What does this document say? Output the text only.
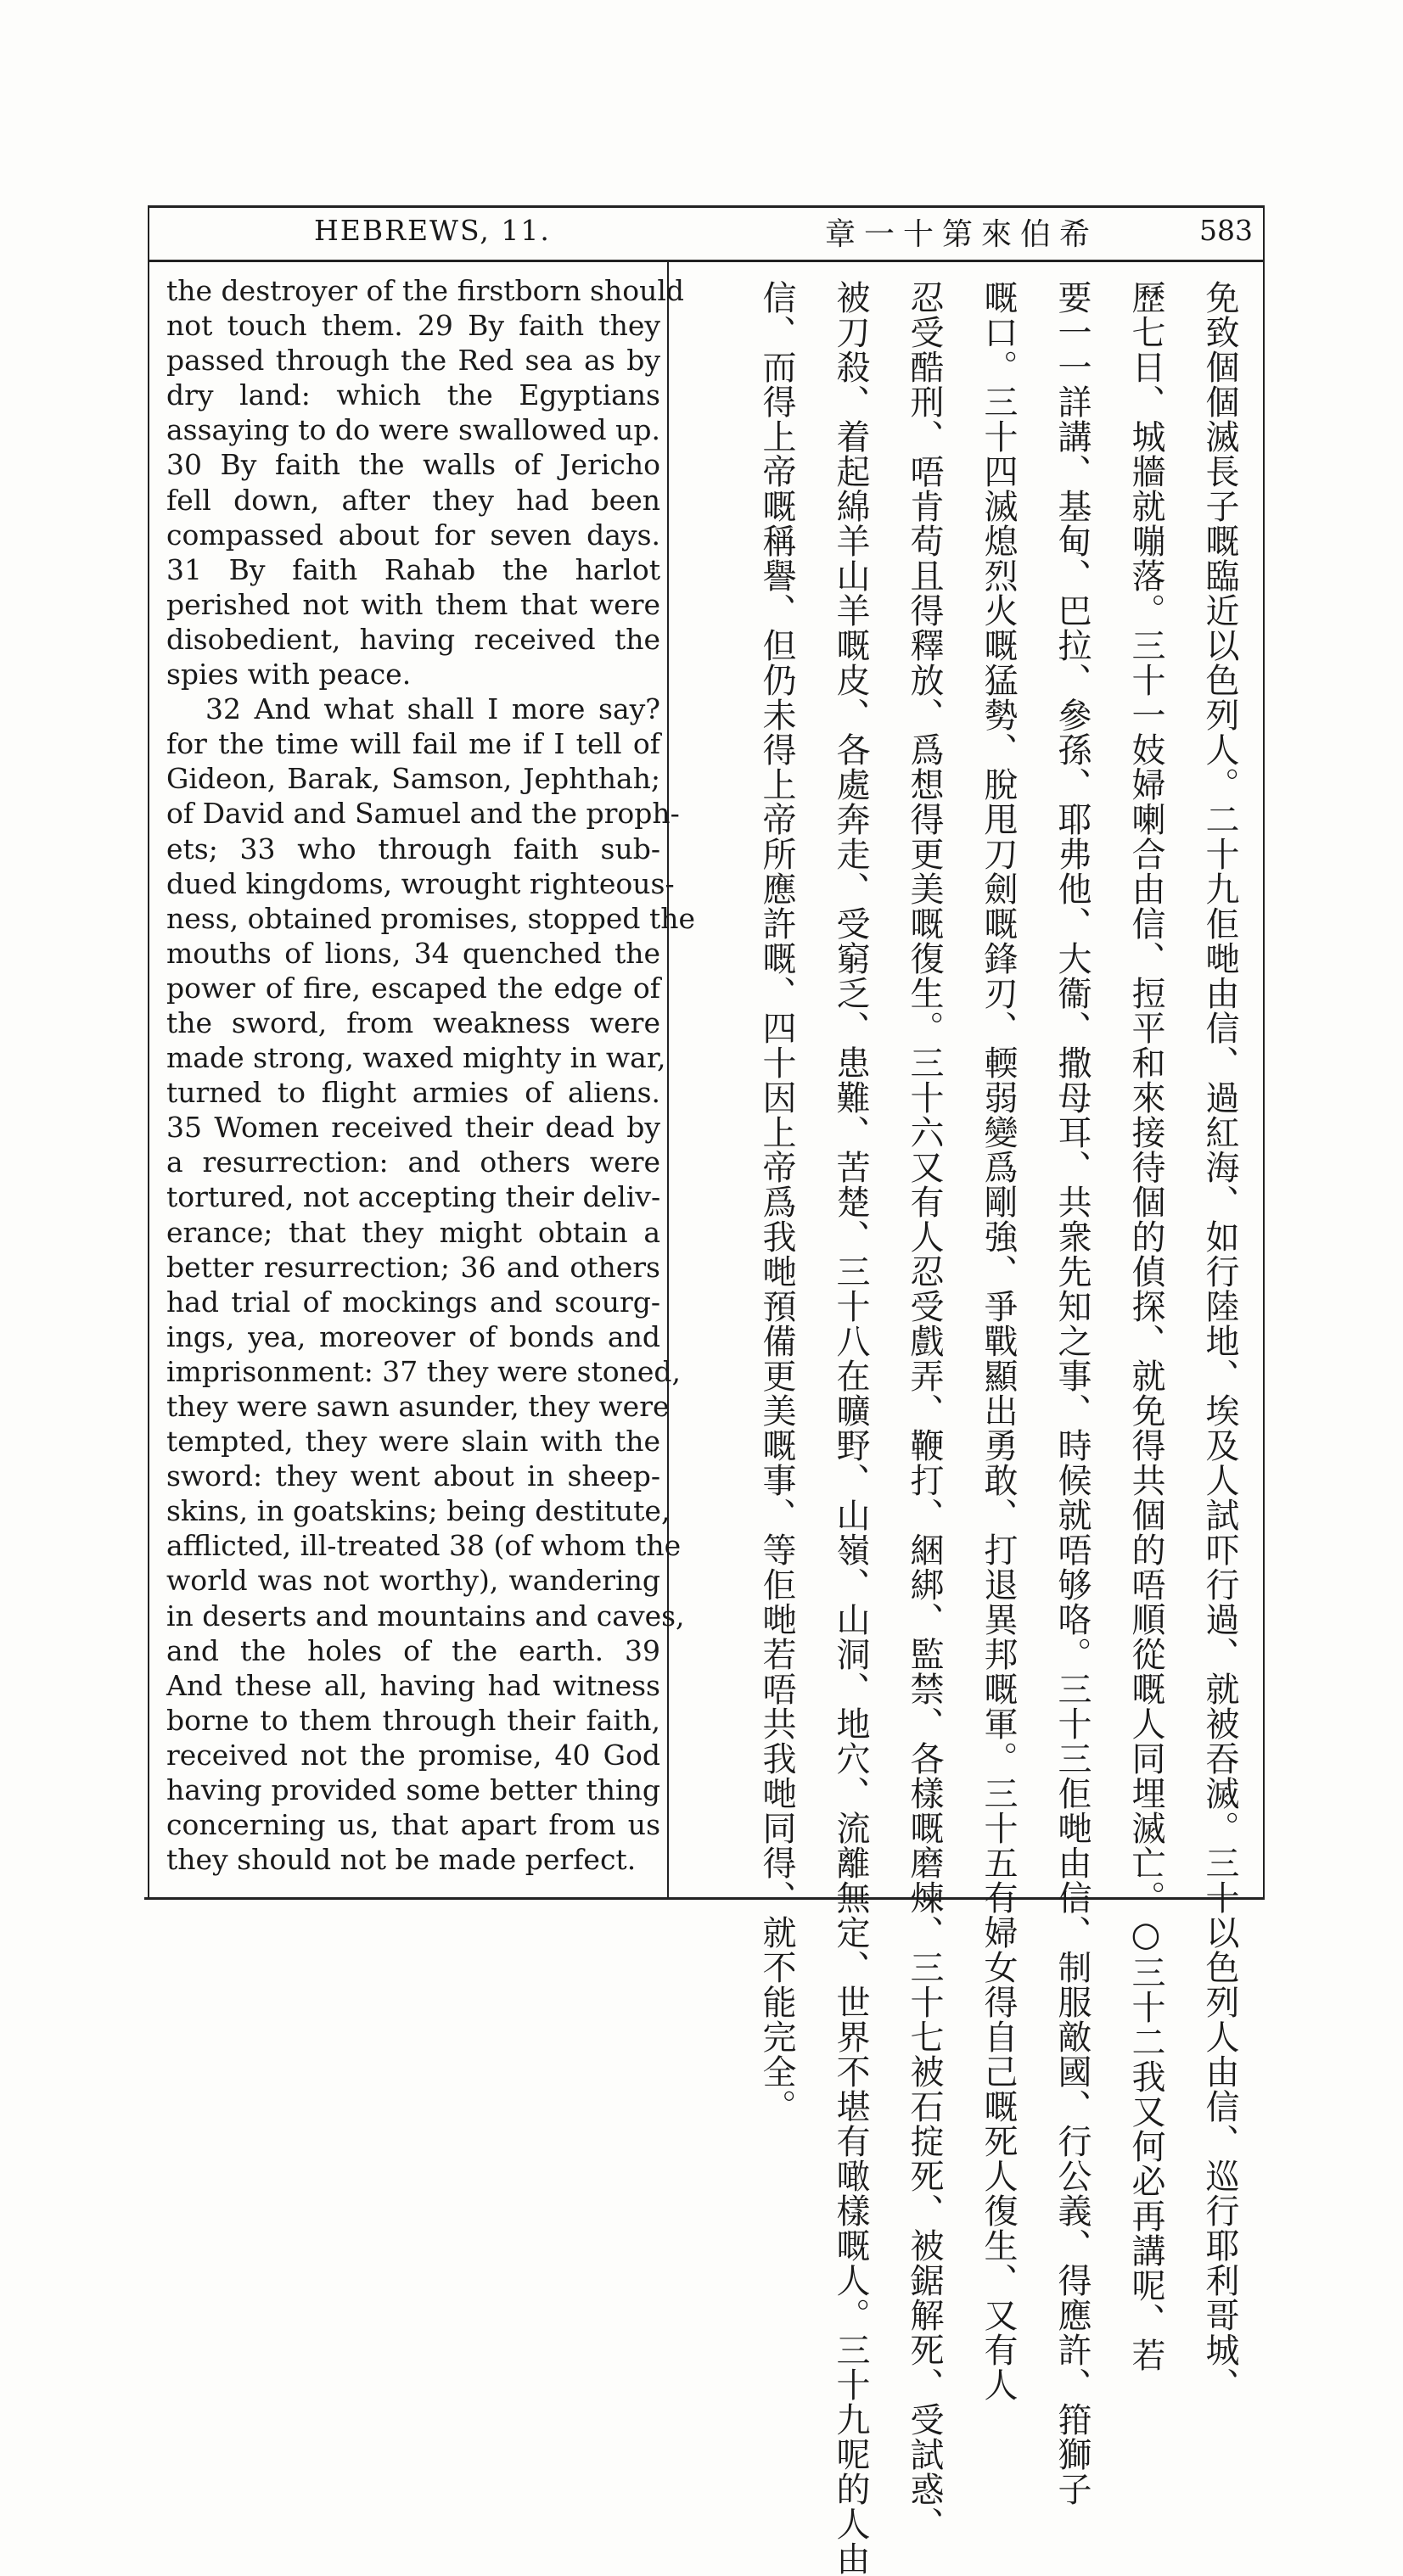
HEBREWS, 11.	希伯來第十一章	583
the destroyer of the firstborn should
not touch them. 29 By faith they
passed through the Red sea as by
dry land: which the Egyptians
assaying to do were swallowed up.
30 By faith the walls of Jericho
fell down, after they had been
compassed about for seven days.
31 By faith Rahab the harlot
perished not with them that were
disobedient, having received the
spies with peace.
32 And what shall I more say?
for the time will fail me if I tell of
Gideon, Barak, Samson, Jephthah;
of David and Samuel and the proph-
ets; 33 who through faith sub-
dued kingdoms, wrought righteous-
ness, obtained promises, stopped the
mouths of lions, 34 quenched the
power of fire, escaped the edge of
the sword, from weakness were
made strong, waxed mighty in war,
turned to flight armies of aliens.
35 Women received their dead by
a resurrection: and others were
tortured, not accepting their deliv-
erance; that they might obtain a
better resurrection; 36 and others
had trial of mockings and scourg-
ings, yea, moreover of bonds and
imprisonment: 37 they were stoned,
they were sawn asunder, they were
tempted, they were slain with the
sword: they went about in sheep-
skins, in goatskins; being destitute,
afflicted, ill-treated 38 (of whom the
world was not worthy), wandering
in deserts and mountains and caves,
and the holes of the earth. 39
And these all, having had witness
borne to them through their faith,
received not the promise, 40 God
having provided some better thing
concerning us, that apart from us
they should not be made perfect.	免致個個滅長子嘅臨近以色列人。二十九佢哋由信、過紅海、如行陸地、埃及人試吓行過、就被吞滅。三十以色列人由信、巡行耶利哥城、
歷七日、城牆就嘣落。三十一妓婦喇合由信、𢭃平和來接待個的偵探、就免得共個的唔順從嘅人同埋滅亡。○三十二我又何必再講呢、若
要一一詳講、基甸、巴拉、參孫、耶弗他、大衞、撒母耳、共衆先知之事、時候就唔够咯。三十三佢哋由信、制服敵國、行公義、得應許、箝獅子
嘅口。三十四滅熄烈火嘅猛勢、脫甩刀劍嘅鋒刃、輭弱變爲剛強、爭戰顯出勇敢、打退異邦嘅軍。三十五有婦女得自己嘅死人復生、又有人
忍受酷刑、唔肯苟且得釋放、爲想得更美嘅復生。三十六又有人忍受戲弄、鞭打、綑綁、監禁、各樣嘅磨煉、三十七被石掟死、被鋸解死、受試惑、
被刀殺、着起綿羊山羊嘅皮、各處奔走、受窮乏、患難、苦楚、三十八在曠野、山嶺、山洞、地穴、流離無定、世界不堪有噉樣嘅人。三十九呢的人由
信、而得上帝嘅稱譽、但仍未得上帝所應許嘅、四十因上帝爲我哋預備更美嘅事、等佢哋若唔共我哋同得、就不能完全。
